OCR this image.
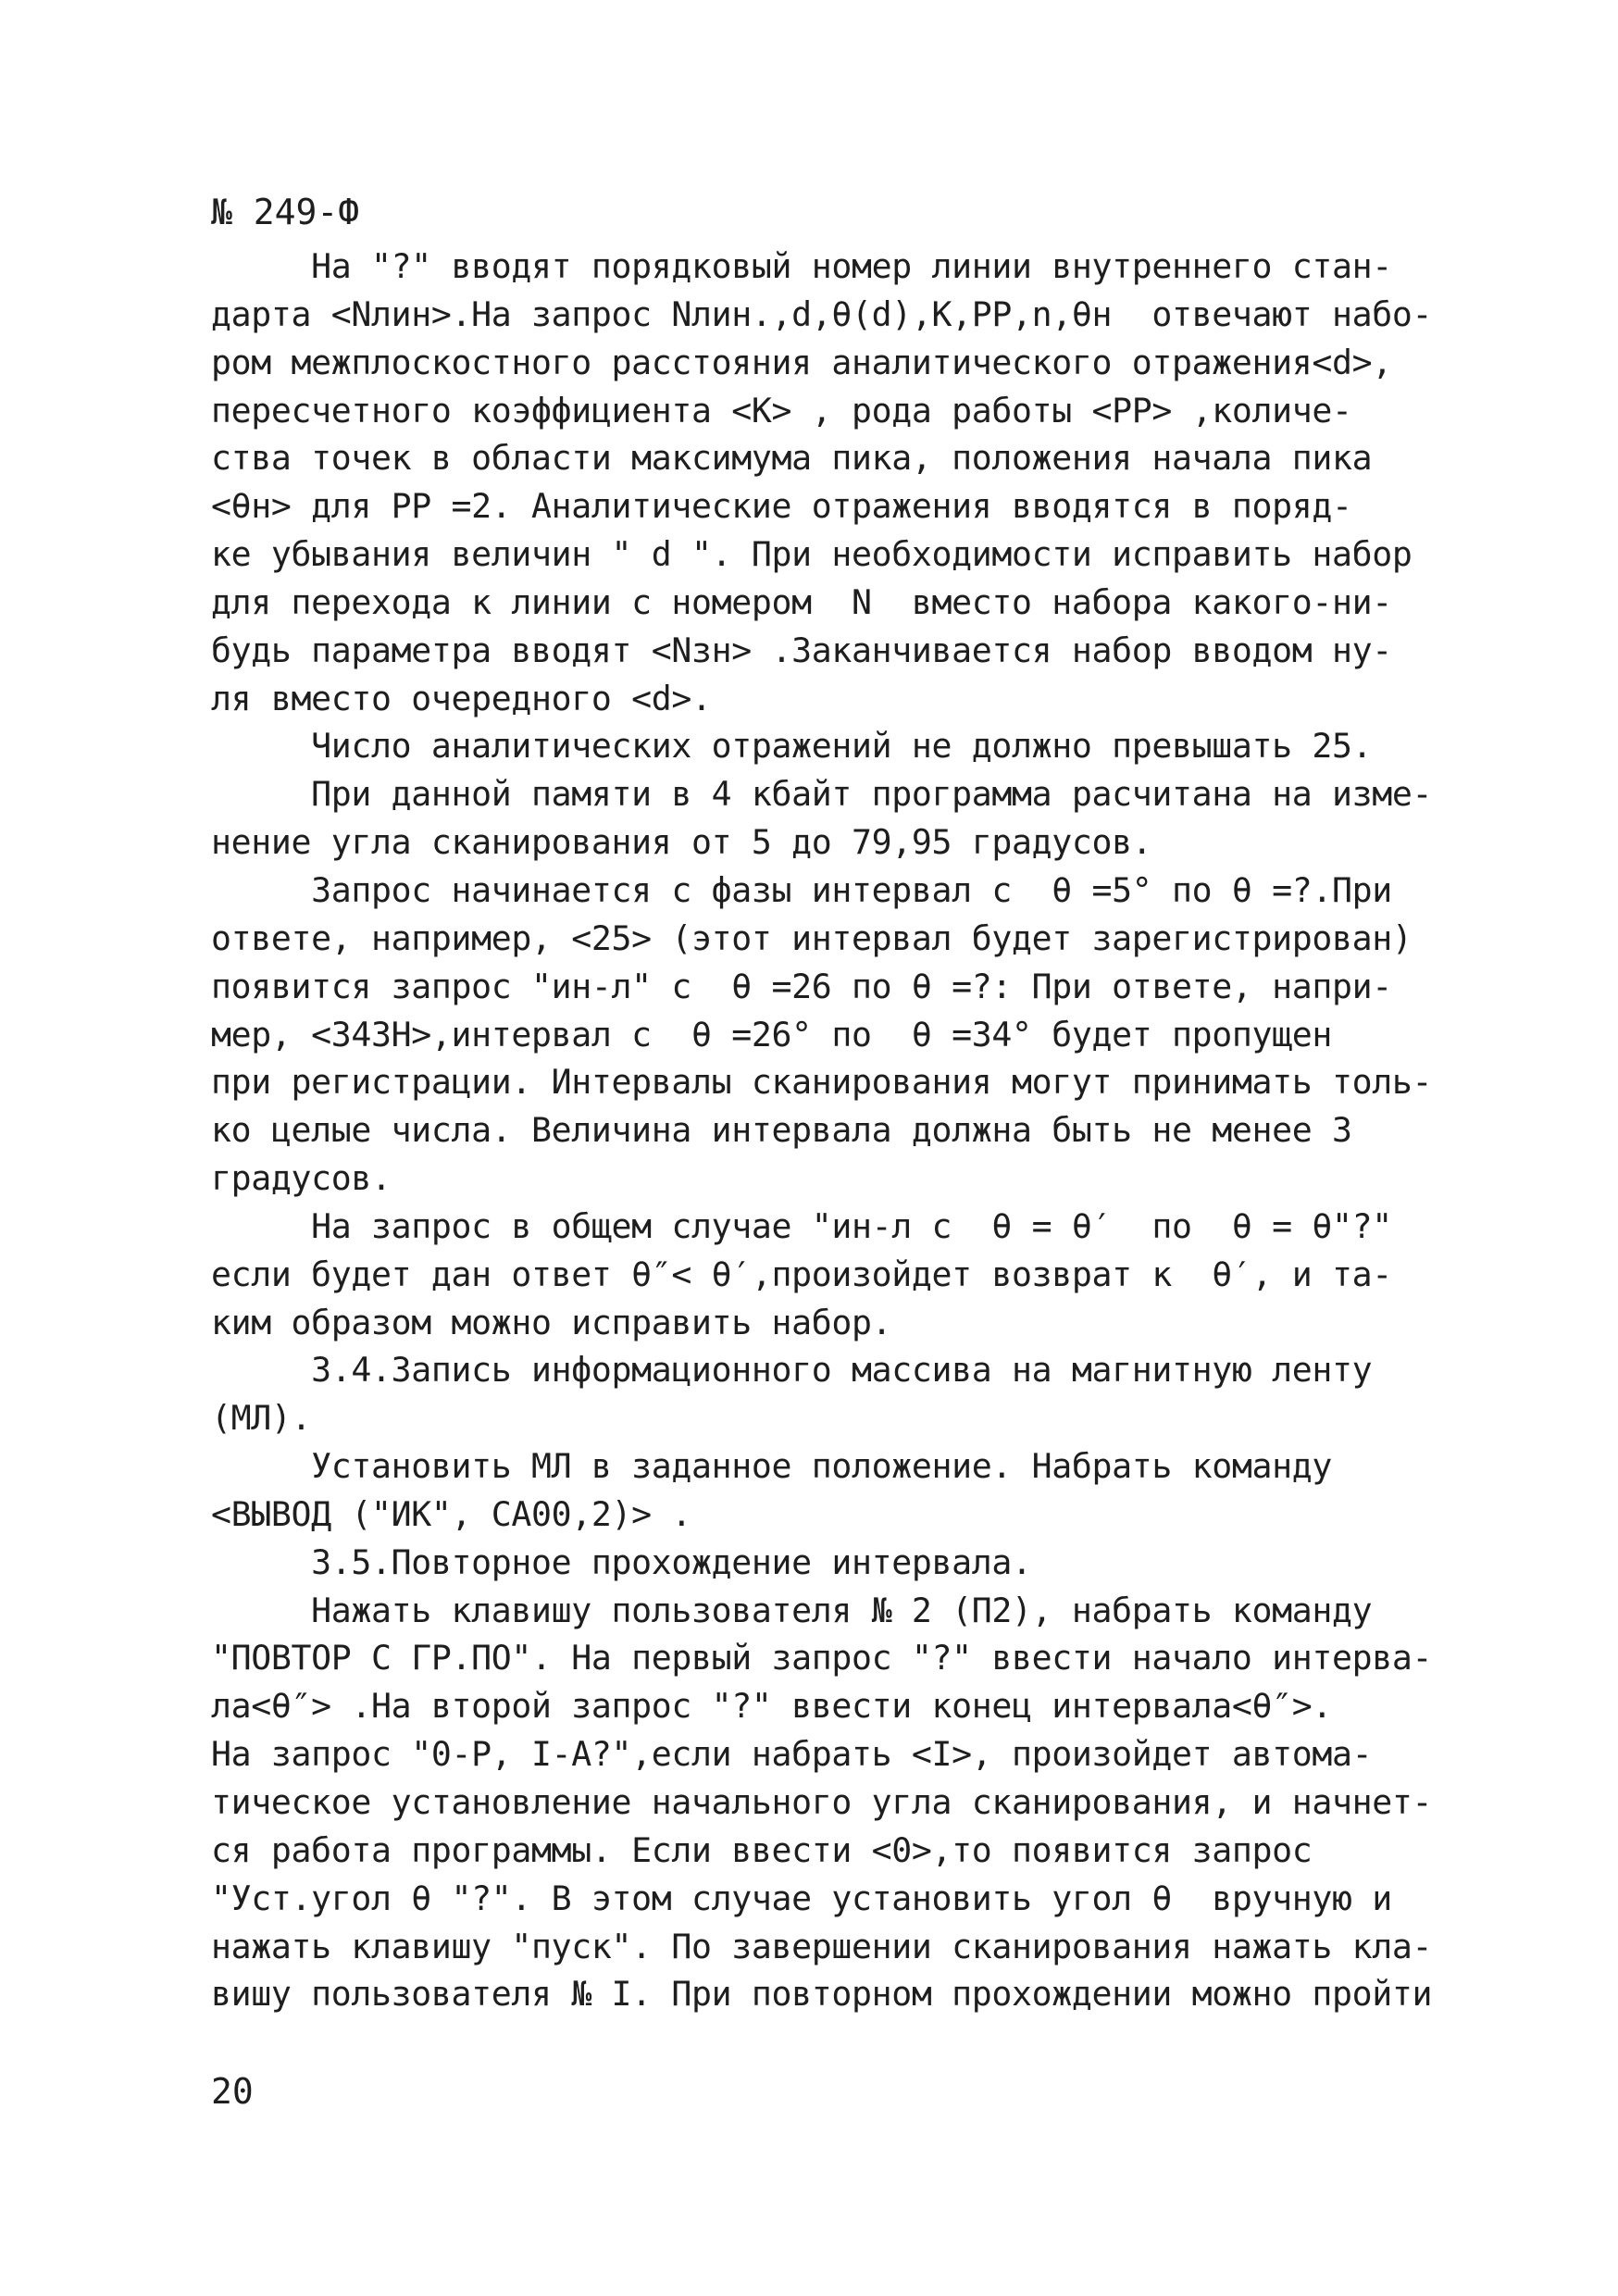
№ 249-Ф
На "?" вводят порядковый номер линии внутреннего стан-
дарта <Nлин>.На запрос Nлин.,d,θ(d),K,PP,n,θн  отвечают набо-
ром межплоскостного расстояния аналитического отражения<d>,
пересчетного коэффициента <K> , рода работы <PP> ,количе-
ства точек в области максимума пика, положения начала пика
<θн> для PP =2. Аналитические отражения вводятся в поряд-
ке убывания величин " d ". При необходимости исправить набор
для перехода к линии с номером  N  вместо набора какого-ни-
будь параметра вводят <Nзн> .Заканчивается набор вводом ну-
ля вместо очередного <d>.
Число аналитических отражений не должно превышать 25.
При данной памяти в 4 кбайт программа расчитана на изме-
нение угла сканирования от 5 до 79,95 градусов.
Запрос начинается с фазы интервал с  θ =5° по θ =?.При
ответе, например, <25> (этот интервал будет зарегистрирован)
появится запрос "ин-л" с  θ =26 по θ =?: При ответе, напри-
мер, <343H>,интервал с  θ =26° по  θ =34° будет пропущен
при регистрации. Интервалы сканирования могут принимать толь-
ко целые числа. Величина интервала должна быть не менее 3
градусов.
На запрос в общем случае "ин-л с  θ = θ′  по  θ = θ"?"
если будет дан ответ θ″< θ′,произойдет возврат к  θ′, и та-
ким образом можно исправить набор.
3.4.Запись информационного массива на магнитную ленту
(МЛ).
Установить МЛ в заданное положение. Набрать команду
<ВЫВОД ("ИК", СА00,2)> .
3.5.Повторное прохождение интервала.
Нажать клавишу пользователя № 2 (П2), набрать команду
"ПОВТОР С ГР.ПО". На первый запрос "?" ввести начало интерва-
ла<θ″> .На второй запрос "?" ввести конец интервала<θ″>.
На запрос "0-Р, I-А?",если набрать <I>, произойдет автома-
тическое установление начального угла сканирования, и начнет-
ся работа программы. Если ввести <0>,то появится запрос
"Уст.угол θ "?". В этом случае установить угол θ  вручную и
нажать клавишу "пуск". По завершении сканирования нажать кла-
вишу пользователя № I. При повторном прохождении можно пройти
20
